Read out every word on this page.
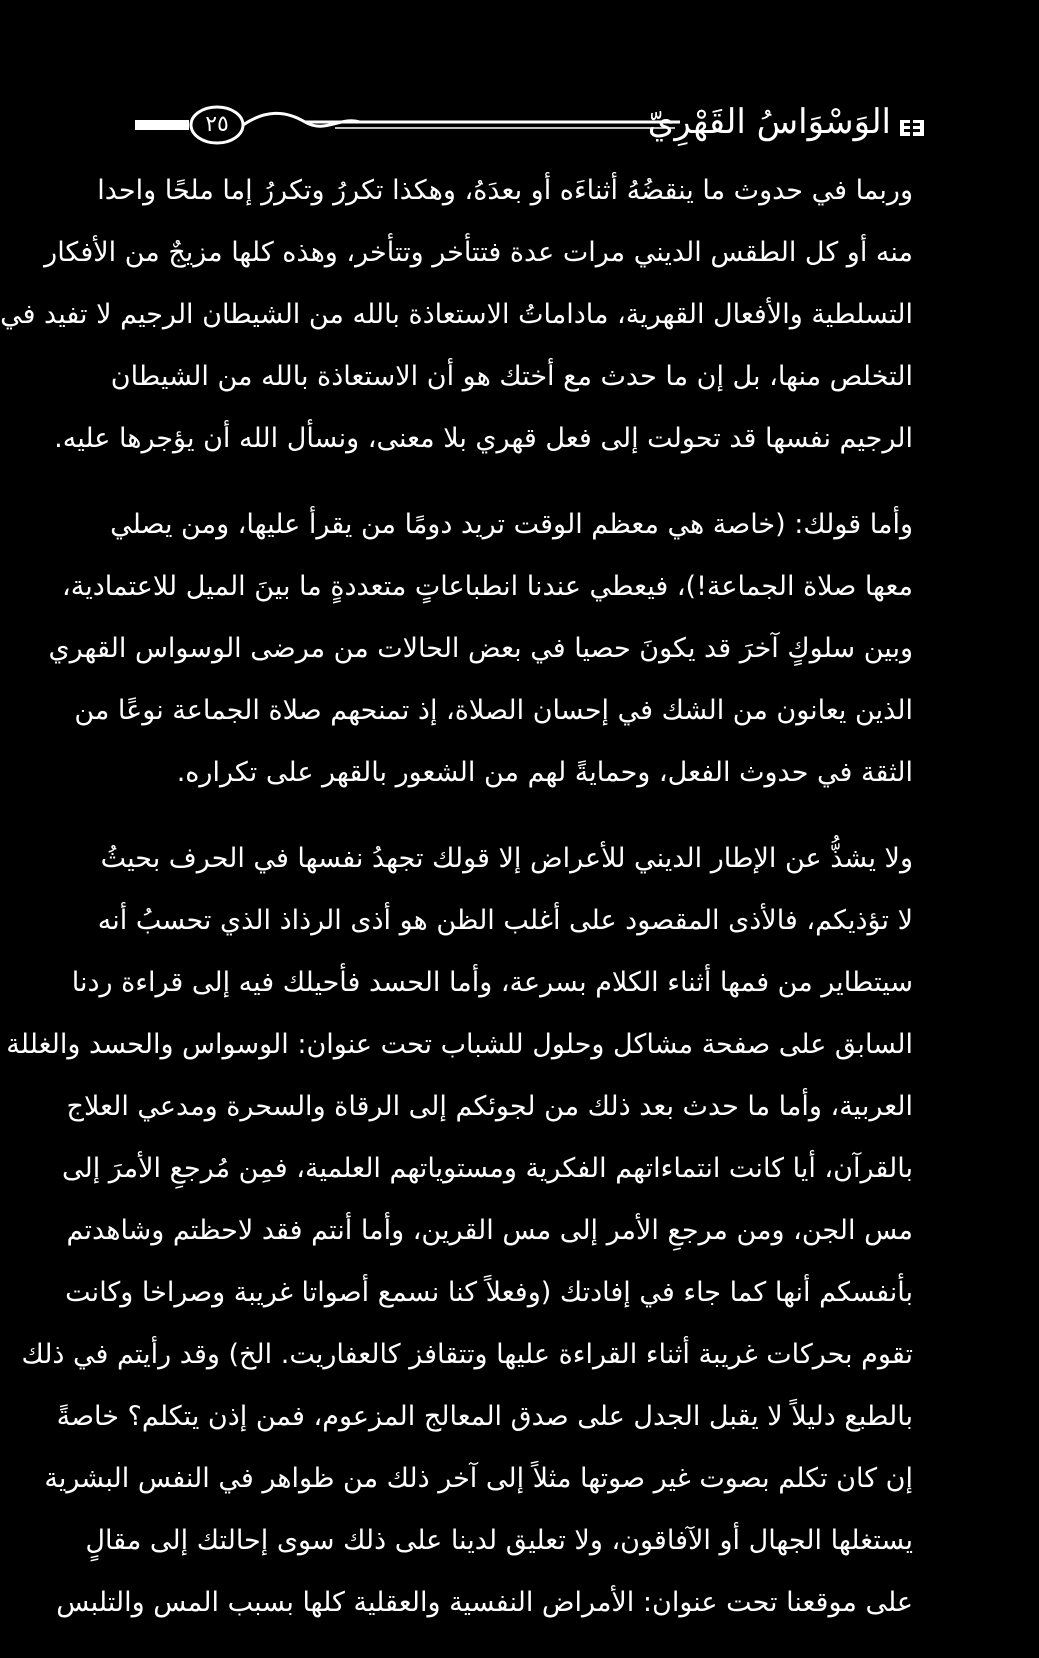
الوَسْوَاسُ القَهْرِيّ
٢٥
وربما في حدوث ما ينقضُهُ أثناءَه أو بعدَهُ، وهكذا تكررُ وتكررُ إما ملحًا واحدا
منه أو كل الطقس الديني مرات عدة فتتأخر وتتأخر، وهذه كلها مزيجٌ من الأفكار
التسلطية والأفعال القهرية، ماداماتُ الاستعاذة بالله من الشيطان الرجيم لا تفيد في
التخلص منها، بل إن ما حدث مع أختك هو أن الاستعاذة بالله من الشيطان
الرجيم نفسها قد تحولت إلى فعل قهري بلا معنى، ونسأل الله أن يؤجرها عليه.
وأما قولك: (خاصة هي معظم الوقت تريد دومًا من يقرأ عليها، ومن يصلي
معها صلاة الجماعة!)، فيعطي عندنا انطباعاتٍ متعددةٍ ما بينَ الميل للاعتمادية،
وبين سلوكٍ آخرَ قد يكونَ حصيا في بعض الحالات من مرضى الوسواس القهري
الذين يعانون من الشك في إحسان الصلاة، إذ تمنحهم صلاة الجماعة نوعًا من
الثقة في حدوث الفعل، وحمايةً لهم من الشعور بالقهر على تكراره.
ولا يشذُّ عن الإطار الديني للأعراض إلا قولك تجهدُ نفسها في الحرف بحيثُ
لا تؤذيكم، فالأذى المقصود على أغلب الظن هو أذى الرذاذ الذي تحسبُ أنه
سيتطاير من فمها أثناء الكلام بسرعة، وأما الحسد فأحيلك فيه إلى قراءة ردنا
السابق على صفحة مشاكل وحلول للشباب تحت عنوان: الوسواس والحسد والغللة
العربية، وأما ما حدث بعد ذلك من لجوئكم إلى الرقاة والسحرة ومدعي العلاج
بالقرآن، أيا كانت انتماءاتهم الفكرية ومستوياتهم العلمية، فمِن مُرجعِ الأمرَ إلى
مس الجن، ومن مرجعِ الأمر إلى مس القرين، وأما أنتم فقد لاحظتم وشاهدتم
بأنفسكم أنها كما جاء في إفادتك (وفعلاً كنا نسمع أصواتا غريبة وصراخا وكانت
تقوم بحركات غريبة أثناء القراءة عليها وتتقافز كالعفاريت. الخ) وقد رأيتم في ذلك
بالطبع دليلاً لا يقبل الجدل على صدق المعالج المزعوم، فمن إذن يتكلم؟ خاصةً
إن كان تكلم بصوت غير صوتها مثلاً إلى آخر ذلك من ظواهر في النفس البشرية
يستغلها الجهال أو الآفاقون، ولا تعليق لدينا على ذلك سوى إحالتك إلى مقالٍ
على موقعنا تحت عنوان: الأمراض النفسية والعقلية كلها بسبب المس والتلبس
